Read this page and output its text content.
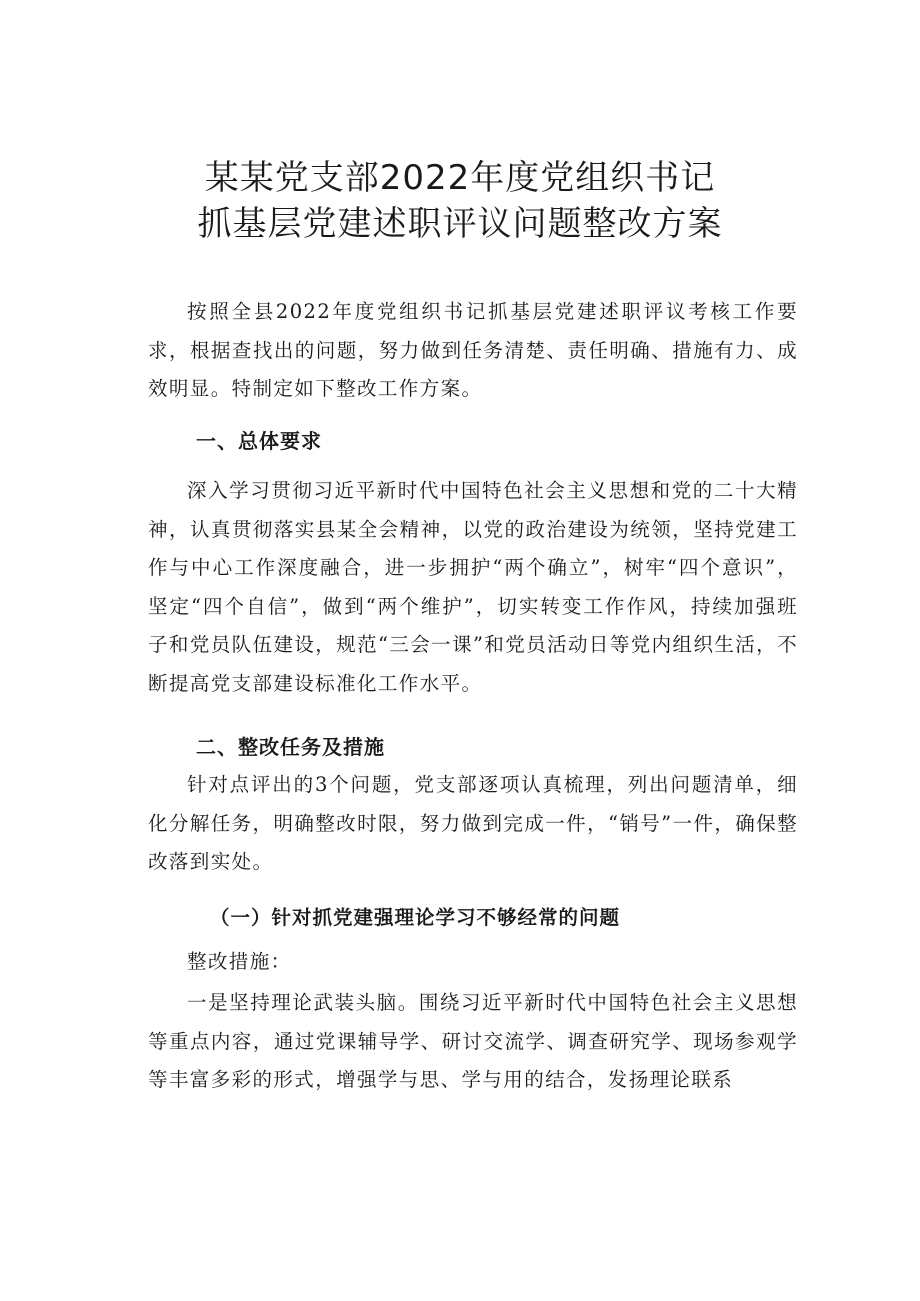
某某党支部2022年度党组织书记
抓基层党建述职评议问题整改方案

按照全县2022年度党组织书记抓基层党建述职评议考核工作要求，根据查找出的问题，努力做到任务清楚、责任明确、措施有力、成效明显。特制定如下整改工作方案。

一、总体要求

深入学习贯彻习近平新时代中国特色社会主义思想和党的二十大精神，认真贯彻落实县某全会精神，以党的政治建设为统领，坚持党建工作与中心工作深度融合，进一步拥护“两个确立”，树牢“四个意识”，坚定“四个自信”，做到“两个维护”，切实转变工作作风，持续加强班子和党员队伍建设，规范“三会一课”和党员活动日等党内组织生活，不断提高党支部建设标准化工作水平。

二、整改任务及措施

针对点评出的3个问题，党支部逐项认真梳理，列出问题清单，细化分解任务，明确整改时限，努力做到完成一件，“销号”一件，确保整改落到实处。

（一）针对抓党建强理论学习不够经常的问题

整改措施：

一是坚持理论武装头脑。围绕习近平新时代中国特色社会主义思想等重点内容，通过党课辅导学、研讨交流学、调查研究学、现场参观学等丰富多彩的形式，增强学与思、学与用的结合，发扬理论联系
